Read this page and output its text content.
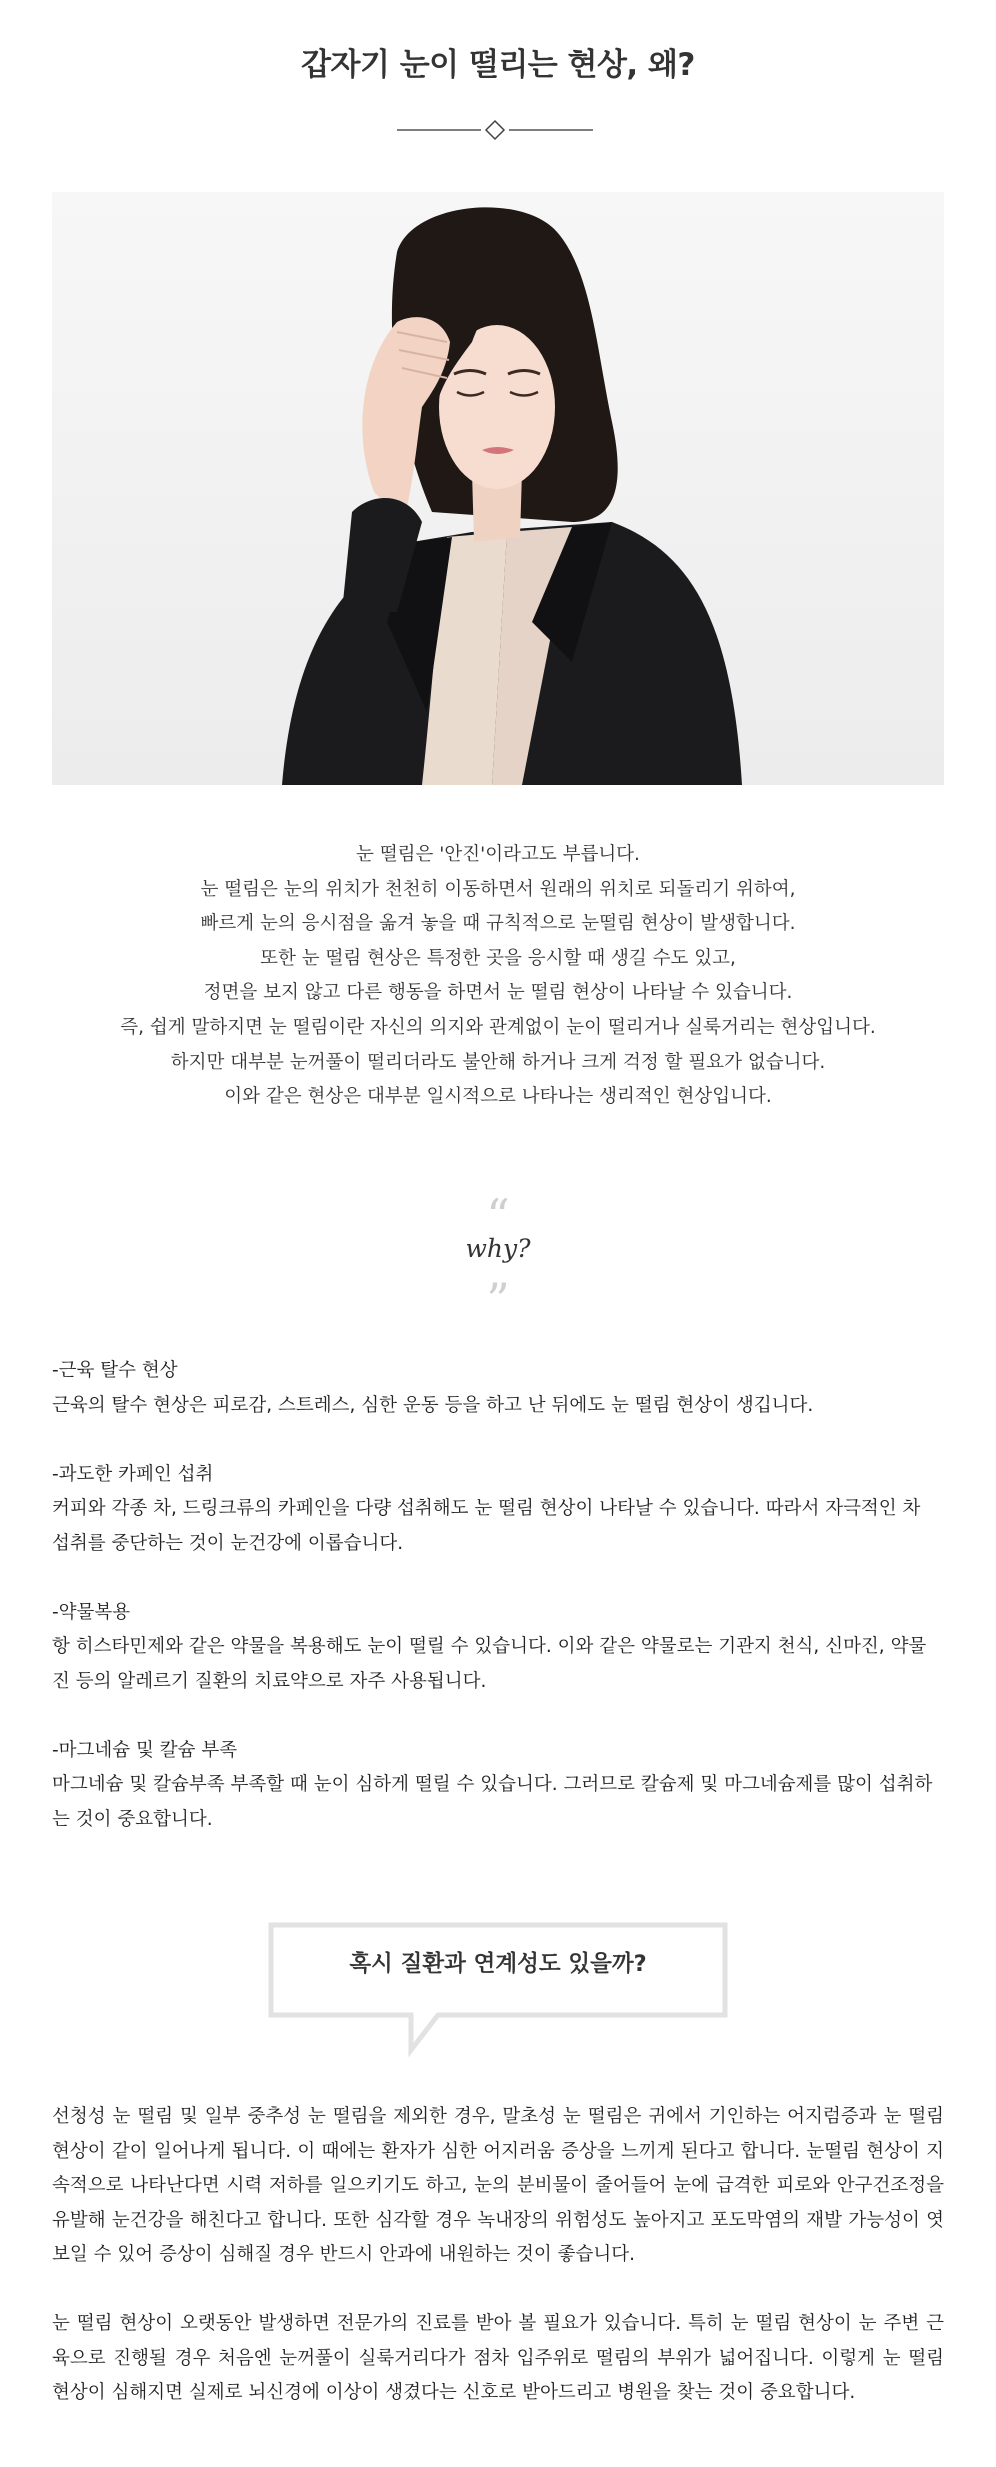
갑자기 눈이 떨리는 현상, 왜?

눈 떨림은 '안진'이라고도 부릅니다.

눈 떨림은 눈의 위치가 천천히 이동하면서 원래의 위치로 되돌리기 위하여,

빠르게 눈의 응시점을 옮겨 놓을 때 규칙적으로 눈떨림 현상이 발생합니다.

또한 눈 떨림 현상은 특정한 곳을 응시할 때 생길 수도 있고,

정면을 보지 않고 다른 행동을 하면서 눈 떨림 현상이 나타날 수 있습니다.

즉, 쉽게 말하지면 눈 떨림이란 자신의 의지와 관계없이 눈이 떨리거나 실룩거리는 현상입니다.

하지만 대부분 눈꺼풀이 떨리더라도 불안해 하거나 크게 걱정 할 필요가 없습니다.

이와 같은 현상은 대부분 일시적으로 나타나는 생리적인 현상입니다.

“
why?
”

-근육 탈수 현상

근육의 탈수 현상은 피로감, 스트레스, 심한 운동 등을 하고 난 뒤에도 눈 떨림 현상이 생깁니다.

-과도한 카페인 섭취

커피와 각종 차, 드링크류의 카페인을 다량 섭취해도 눈 떨림 현상이 나타날 수 있습니다. 따라서 자극적인 차 섭취를 중단하는 것이 눈건강에 이롭습니다.

-약물복용

항 히스타민제와 같은 약물을 복용해도 눈이 떨릴 수 있습니다. 이와 같은 약물로는 기관지 천식, 신마진, 약물진 등의 알레르기 질환의 치료약으로 자주 사용됩니다.

-마그네슘 및 칼슘 부족

마그네슘 및 칼슘부족 부족할 때 눈이 심하게 떨릴 수 있습니다. 그러므로 칼슘제 및 마그네슘제를 많이 섭취하는 것이 중요합니다.

혹시 질환과 연계성도 있을까?

선청성 눈 떨림 및 일부 중추성 눈 떨림을 제외한 경우, 말초성 눈 떨림은 귀에서 기인하는 어지럼증과 눈 떨림 현상이 같이 일어나게 됩니다. 이 때에는 환자가 심한 어지러움 증상을 느끼게 된다고 합니다. 눈떨림 현상이 지속적으로 나타난다면 시력 저하를 일으키기도 하고, 눈의 분비물이 줄어들어 눈에 급격한 피로와 안구건조정을 유발해 눈건강을 해친다고 합니다. 또한 심각할 경우 녹내장의 위험성도 높아지고 포도막염의 재발 가능성이 엿보일 수 있어 증상이 심해질 경우 반드시 안과에 내원하는 것이 좋습니다.

눈 떨림 현상이 오랫동안 발생하면 전문가의 진료를 받아 볼 필요가 있습니다. 특히 눈 떨림 현상이 눈 주변 근육으로 진행될 경우 처음엔 눈꺼풀이 실룩거리다가 점차 입주위로 떨림의 부위가 넓어집니다. 이렇게 눈 떨림 현상이 심해지면 실제로 뇌신경에 이상이 생겼다는 신호로 받아드리고 병원을 찾는 것이 중요합니다.
